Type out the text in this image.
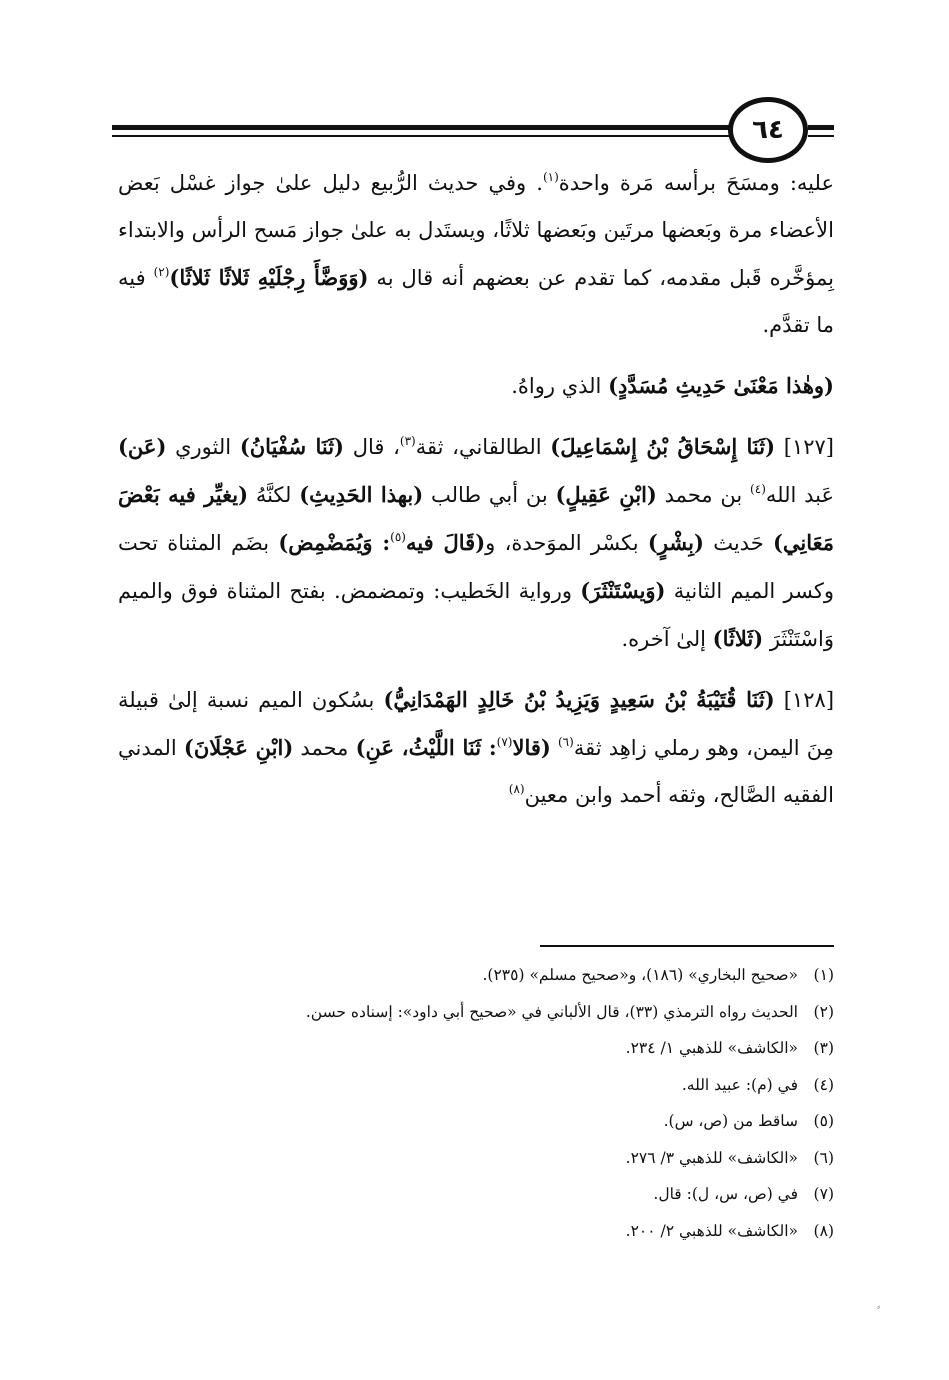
٦٤

عليه: ومسَحَ برأسه مَرة واحدة$^{(١)}$. وفي حديث الرُّبيع دليل علىٰ جواز غسْل بَعض الأعضاء مرة وبَعضها مرتَين وبَعضها ثلاثًا، ويستَدل به علىٰ جواز مَسح الرأس والابتداء بِمؤخَّره قَبل مقدمه، كما تقدم عن بعضهم أنه قال به (وَوَضَّأَ رِجْلَيْهِ ثَلاثًا ثَلاثًا)$^{(٢)}$ فيه ما تقدَّم.

(وهٰذا مَعْنَىٰ حَدِيثِ مُسَدَّدٍ) الذي رواهُ.

[١٢٧] (ثَنَا إِسْحَاقُ بْنُ إِسْمَاعِيلَ) الطالقاني، ثقة$^{(٣)}$، قال (ثَنَا سُفْيَانُ) الثوري (عَن) عَبد الله$^{(٤)}$ بن محمد (ابْنِ عَقِيلٍ) بن أبي طالب (بهذا الحَدِيثِ) لكنَّهُ (يغيِّر فيه بَعْضَ مَعَانِي) حَديث (بِشْرٍ) بكسْر الموَحدة، و(قَالَ فيه$^{(٥)}$: وَيُمَضْمِض) بضَم المثناة تحت وكسر الميم الثانية (وَيسْتَنْثَرَ) ورواية الخَطيب: وتمضمض. بفتح المثناة فوق والميم وَاسْتَنْثَرَ (ثَلاثًا) إلىٰ آخره.

[١٢٨] (ثَنَا قُتَيْبَةُ بْنُ سَعِيدٍ وَيَزِيدُ بْنُ خَالِدٍ الهَمْدَانِيُّ) بسُكون الميم نسبة إلىٰ قبيلة مِنَ اليمن، وهو رملي زاهِد ثقة$^{(٦)}$ (قالا$^{(٧)}$: ثَنَا اللَّيْثُ، عَنِ) محمد (ابْنِ عَجْلَانَ) المدني الفقيه الصَّالح، وثقه أحمد وابن معين$^{(٨)}$

(١)«صحيح البخاري» (١٨٦)، و«صحيح مسلم» (٢٣٥).
(٢)الحديث رواه الترمذي (٣٣)، قال الألباني في «صحيح أبي داود»: إسناده حسن.
(٣)«الكاشف» للذهبي ١/ ٢٣٤.
(٤)في (م): عبيد الله.
(٥)ساقط من (ص، س).
(٦)«الكاشف» للذهبي ٣/ ٢٧٦.
(٧)في (ص، س، ل): قال.
(٨)«الكاشف» للذهبي ٢/ ٢٠٠.
⸗
